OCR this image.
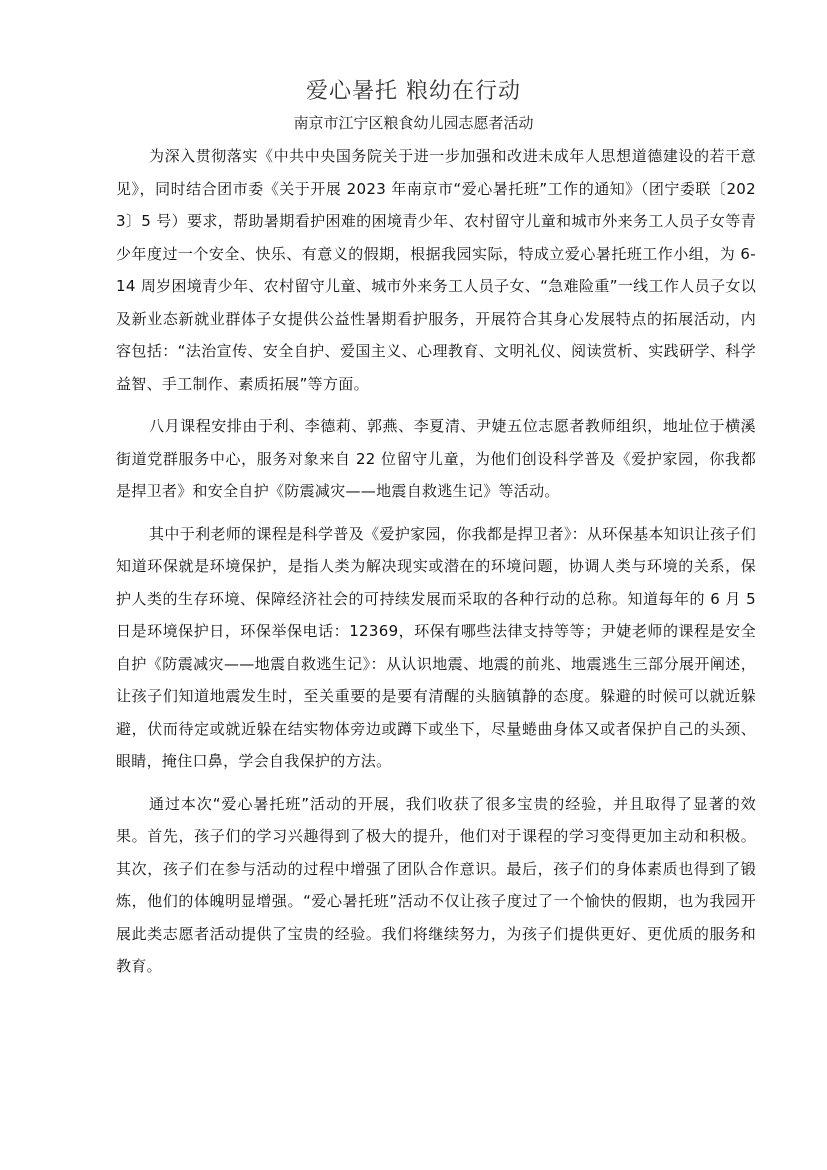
爱心暑托 粮幼在行动
南京市江宁区粮食幼儿园志愿者活动

为深入贯彻落实《中共中央国务院关于进一步加强和改进未成年人思想道德建设的若干意见》，同时结合团市委《关于开展 2023 年南京市“爱心暑托班”工作的通知》（团宁委联〔2023〕5 号）要求，帮助暑期看护困难的困境青少年、农村留守儿童和城市外来务工人员子女等青少年度过一个安全、快乐、有意义的假期，根据我园实际，特成立爱心暑托班工作小组，为 6-14 周岁困境青少年、农村留守儿童、城市外来务工人员子女、“急难险重”一线工作人员子女以及新业态新就业群体子女提供公益性暑期看护服务，开展符合其身心发展特点的拓展活动，内容包括：“法治宣传、安全自护、爱国主义、心理教育、文明礼仪、阅读赏析、实践研学、科学益智、手工制作、素质拓展”等方面。

八月课程安排由于利、李德莉、郭燕、李夏清、尹婕五位志愿者教师组织，地址位于横溪街道党群服务中心，服务对象来自 22 位留守儿童，为他们创设科学普及《爱护家园，你我都是捍卫者》和安全自护《防震减灾——地震自救逃生记》等活动。

其中于利老师的课程是科学普及《爱护家园，你我都是捍卫者》：从环保基本知识让孩子们知道环保就是环境保护，是指人类为解决现实或潜在的环境问题，协调人类与环境的关系，保护人类的生存环境、保障经济社会的可持续发展而采取的各种行动的总称。知道每年的 6 月 5 日是环境保护日，环保举保电话：12369，环保有哪些法律支持等等；尹婕老师的课程是安全自护《防震减灾——地震自救逃生记》：从认识地震、地震的前兆、地震逃生三部分展开阐述，让孩子们知道地震发生时，至关重要的是要有清醒的头脑镇静的态度。躲避的时候可以就近躲避，伏而待定或就近躲在结实物体旁边或蹲下或坐下，尽量蜷曲身体又或者保护自己的头颈、眼睛，掩住口鼻，学会自我保护的方法。

通过本次“爱心暑托班”活动的开展，我们收获了很多宝贵的经验，并且取得了显著的效果。首先，孩子们的学习兴趣得到了极大的提升，他们对于课程的学习变得更加主动和积极。其次，孩子们在参与活动的过程中增强了团队合作意识。最后，孩子们的身体素质也得到了锻炼，他们的体魄明显增强。“爱心暑托班”活动不仅让孩子度过了一个愉快的假期，也为我园开展此类志愿者活动提供了宝贵的经验。我们将继续努力，为孩子们提供更好、更优质的服务和教育。
